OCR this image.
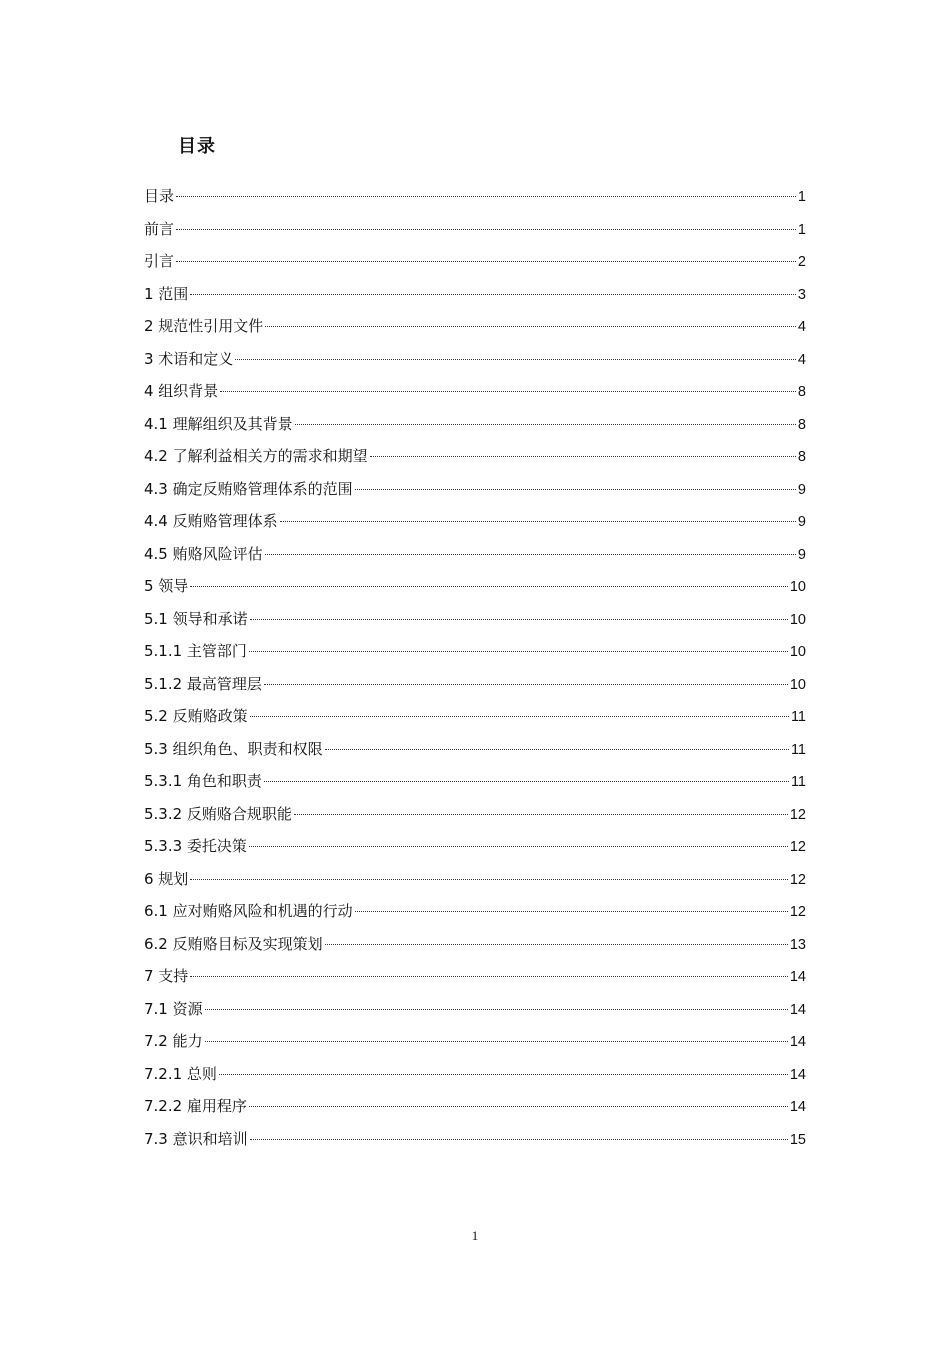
目录
目录	1
前言	1
引言	2
1 范围	3
2 规范性引用文件	4
3 术语和定义	4
4 组织背景	8
4.1 理解组织及其背景	8
4.2 了解利益相关方的需求和期望	8
4.3 确定反贿赂管理体系的范围	9
4.4 反贿赂管理体系	9
4.5 贿赂风险评估	9
5 领导	10
5.1 领导和承诺	10
5.1.1 主管部门	10
5.1.2 最高管理层	10
5.2 反贿赂政策	11
5.3 组织角色、职责和权限	11
5.3.1 角色和职责	11
5.3.2 反贿赂合规职能	12
5.3.3 委托决策	12
6 规划	12
6.1 应对贿赂风险和机遇的行动	12
6.2 反贿赂目标及实现策划	13
7 支持	14
7.1 资源	14
7.2 能力	14
7.2.1 总则	14
7.2.2 雇用程序	14
7.3 意识和培训	15
1
